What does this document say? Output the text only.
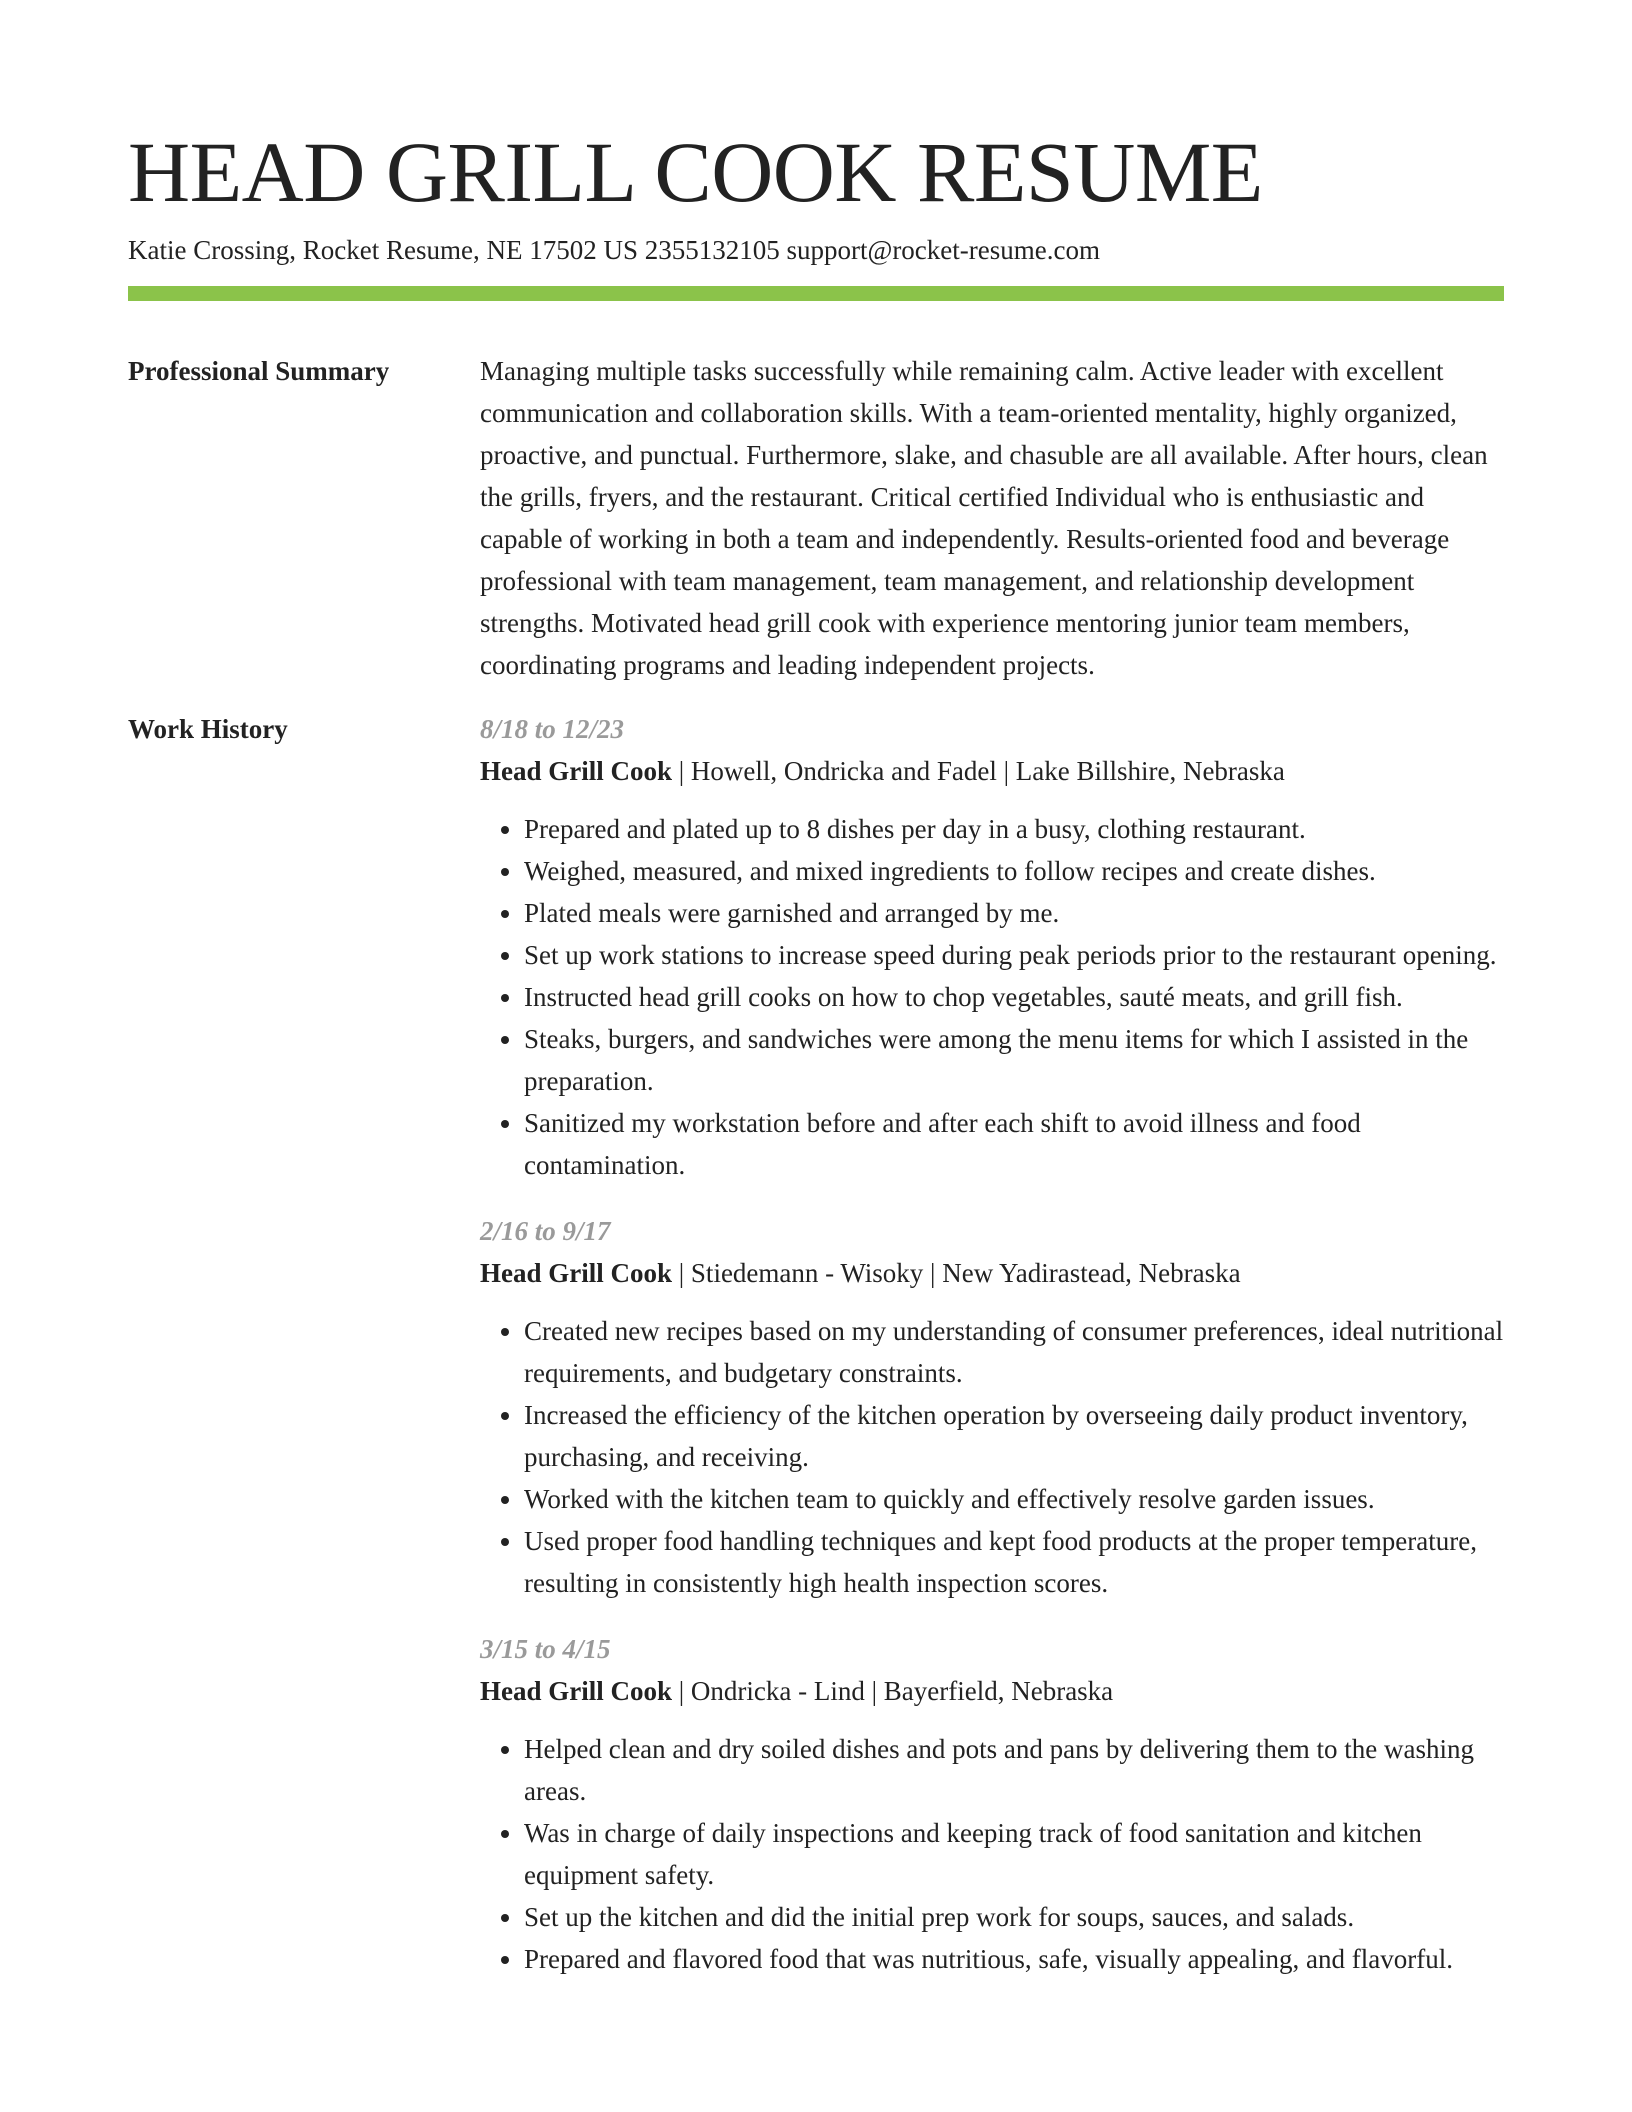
HEAD GRILL COOK RESUME
Katie Crossing, Rocket Resume, NE 17502 US 2355132105 support@rocket-resume.com
Professional Summary	Managing multiple tasks successfully while remaining calm. Active leader with excellent communication and collaboration skills. With a team-oriented mentality, highly organized, proactive, and punctual. Furthermore, slake, and chasuble are all available. After hours, clean the grills, fryers, and the restaurant. Critical certified Individual who is enthusiastic and capable of working in both a team and independently. Results-oriented food and beverage professional with team management, team management, and relationship development strengths. Motivated head grill cook with experience mentoring junior team members, coordinating programs and leading independent projects.

Work History	8/18 to 12/23
Head Grill Cook | Howell, Ondricka and Fadel | Lake Billshire, Nebraska
• Prepared and plated up to 8 dishes per day in a busy, clothing restaurant.
• Weighed, measured, and mixed ingredients to follow recipes and create dishes.
• Plated meals were garnished and arranged by me.
• Set up work stations to increase speed during peak periods prior to the restaurant opening.
• Instructed head grill cooks on how to chop vegetables, sauté meats, and grill fish.
• Steaks, burgers, and sandwiches were among the menu items for which I assisted in the preparation.
• Sanitized my workstation before and after each shift to avoid illness and food contamination.
2/16 to 9/17
Head Grill Cook | Stiedemann - Wisoky | New Yadirastead, Nebraska
• Created new recipes based on my understanding of consumer preferences, ideal nutritional requirements, and budgetary constraints.
• Increased the efficiency of the kitchen operation by overseeing daily product inventory, purchasing, and receiving.
• Worked with the kitchen team to quickly and effectively resolve garden issues.
• Used proper food handling techniques and kept food products at the proper temperature, resulting in consistently high health inspection scores.
3/15 to 4/15
Head Grill Cook | Ondricka - Lind | Bayerfield, Nebraska
• Helped clean and dry soiled dishes and pots and pans by delivering them to the washing areas.
• Was in charge of daily inspections and keeping track of food sanitation and kitchen equipment safety.
• Set up the kitchen and did the initial prep work for soups, sauces, and salads.
• Prepared and flavored food that was nutritious, safe, visually appealing, and flavorful.
